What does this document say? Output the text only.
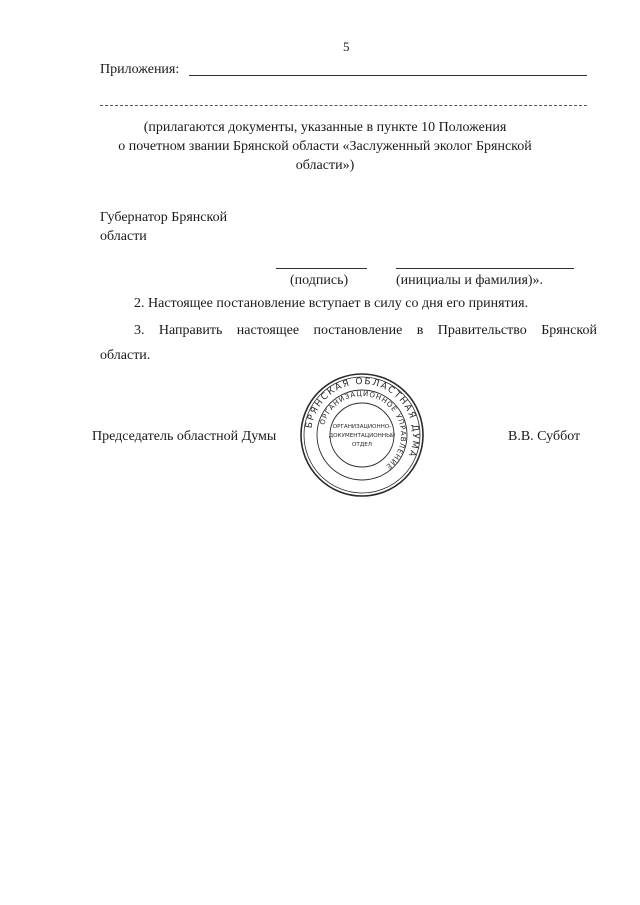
5
Приложения:
(прилагаются документы, указанные в пункте 10 Положения
о почетном звании Брянской области «Заслуженный эколог Брянской
области»)
Губернатор Брянской
области
(подпись)	(инициалы и фамилия)».
2. Настоящее постановление вступает в силу со дня его принятия.
3. Направить настоящее постановление в Правительство Брянской
области.
Председатель областной Думы	В.В. Суббот
БРЯНСКАЯ ОБЛАСТНАЯ ДУМА
ОРГАНИЗАЦИОННОЕ УПРАВЛЕНИЕ
ОРГАНИЗАЦИОННО-
ДОКУМЕНТАЦИОННЫЙ
ОТДЕЛ
